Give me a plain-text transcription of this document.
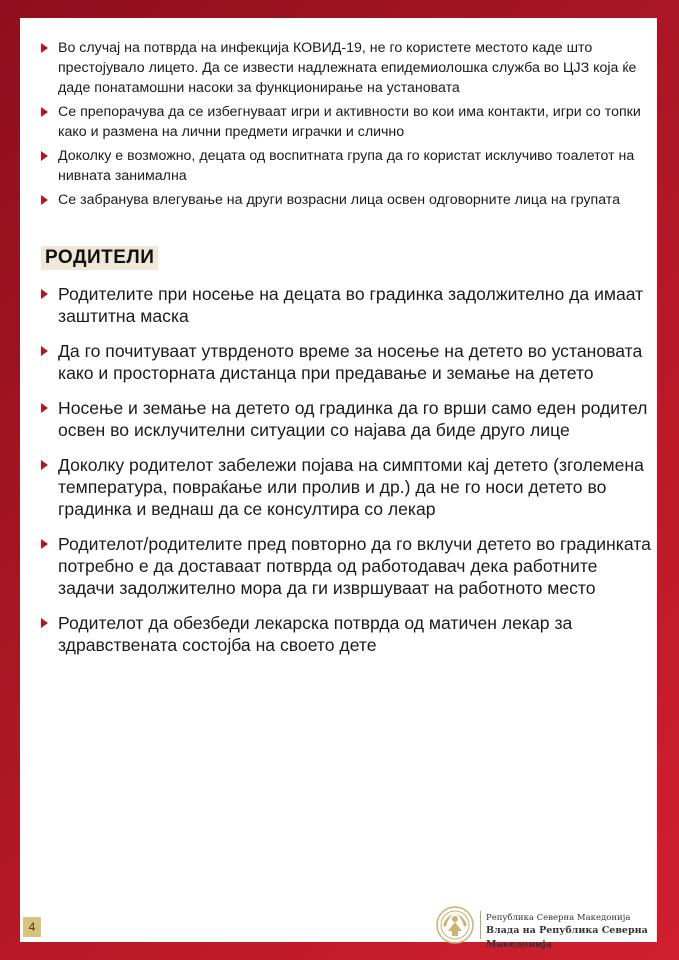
Во случај на потврда на инфекција КОВИД-19, не го користете местото каде што престојувало лицето. Да се извести надлежната епидемиолошка служба во ЦЈЗ која ќе даде понатамошни насоки за функционирање на установата
Се препорачува да се избегнуваат игри и активности во кои има контакти, игри со топки како и размена на лични предмети играчки и слично
Доколку е возможно, децата од воспитната група да го користат исклучиво тоалетот на нивната занимална
Се забранува влегување на други возрасни лица освен одговорните лица на групата
РОДИТЕЛИ
Родителите при носење на децата во градинка задолжително да имаат заштитна маска
Да го почитуваат утврденото време за носење на детето во установата како и просторната дистанца при предавање и земање на детето
Носење и земање на детето од градинка да го врши само еден родител освен во исклучителни ситуации со најава да биде друго лице
Доколку родителот забележи појава на симптоми кај детето (зголемена температура, повраќање или пролив и др.) да не го носи детето во градинка и веднаш да се консултира со лекар
Родителот/родителите пред повторно да го вклучи детето во градинката потребно е да доставаат потврда од работодавач дека работните задачи задолжително мора да ги извршуваат на работното место
Родителот да обезбеди лекарска потврда од матичен лекар за здравствената состојба на своето дете
4
Република Северна Македонија
Влада на Република Северна Македонија
